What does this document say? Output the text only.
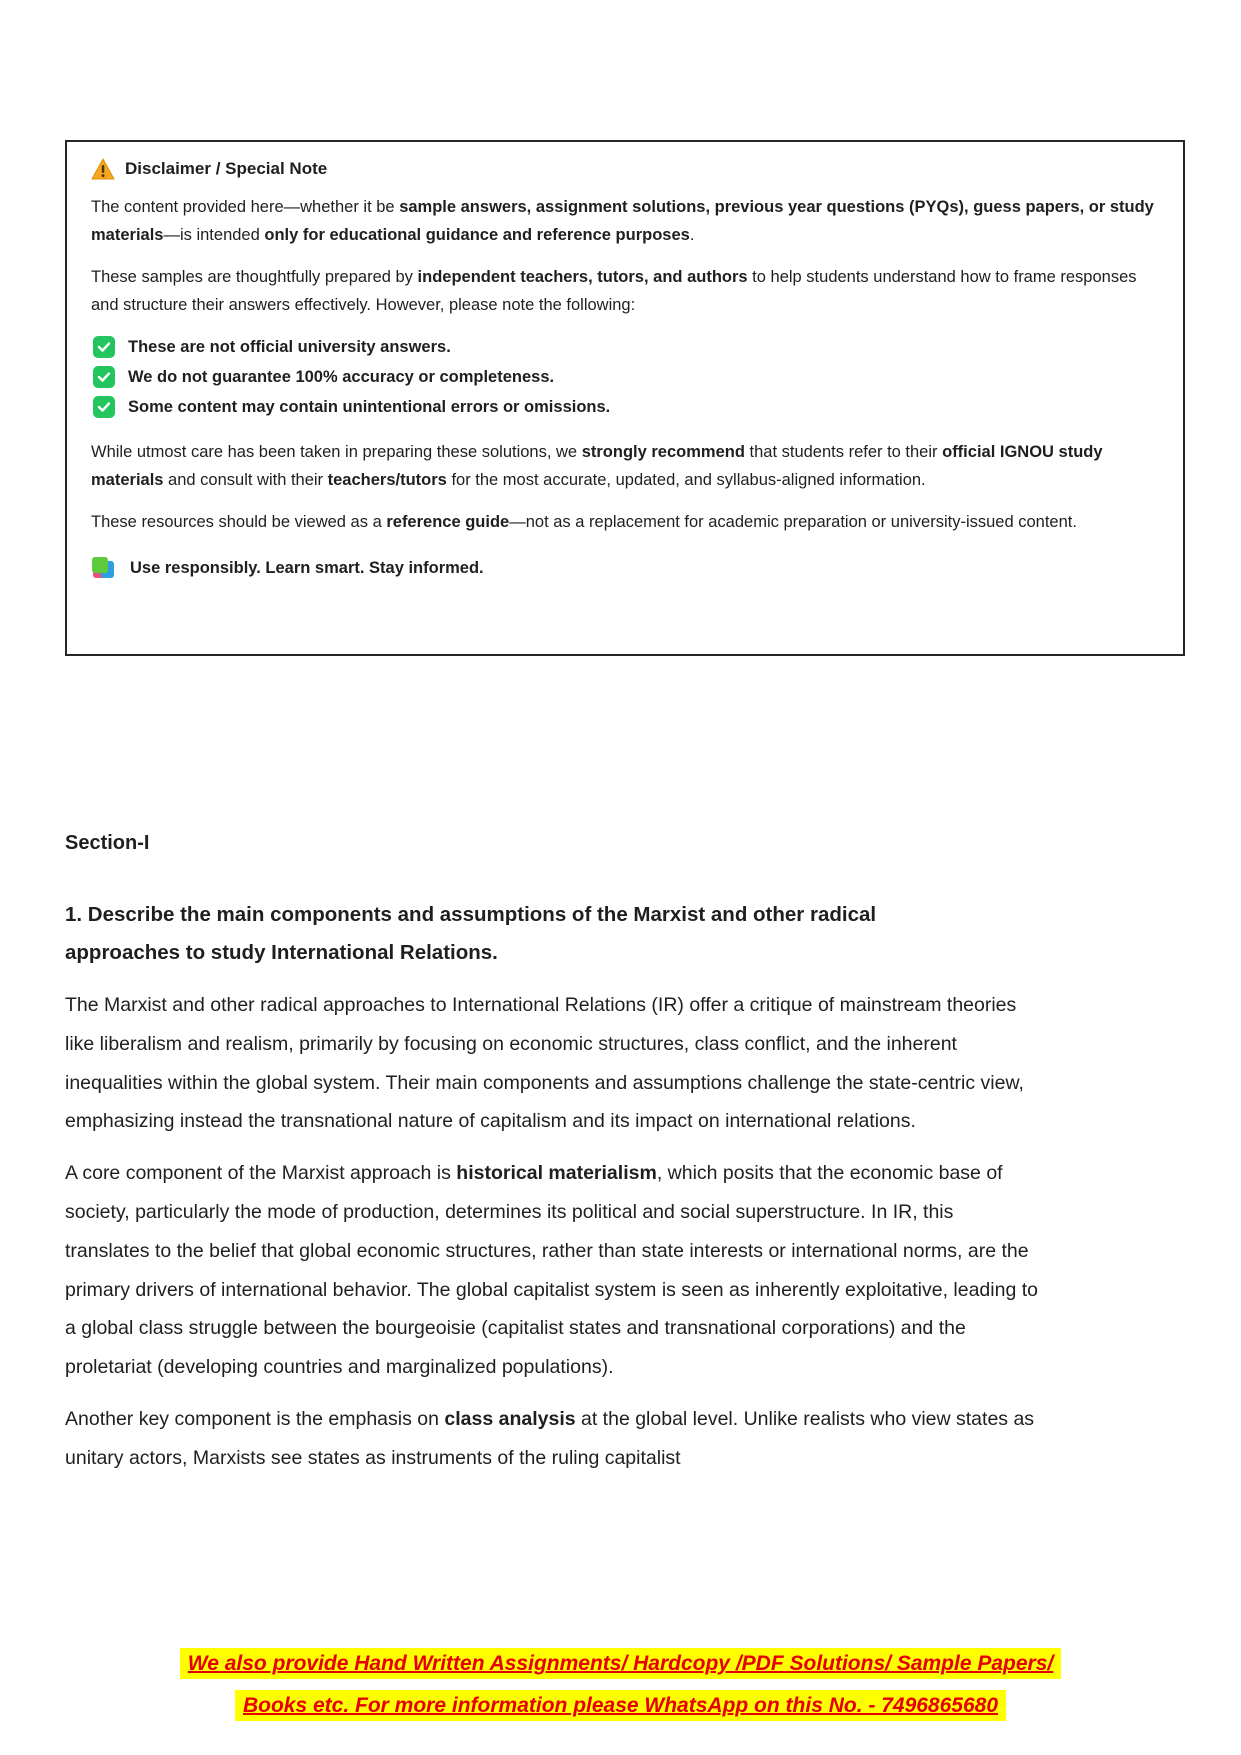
Disclaimer / Special Note

The content provided here—whether it be sample answers, assignment solutions, previous year questions (PYQs), guess papers, or study materials—is intended only for educational guidance and reference purposes.

These samples are thoughtfully prepared by independent teachers, tutors, and authors to help students understand how to frame responses and structure their answers effectively. However, please note the following:

These are not official university answers.
We do not guarantee 100% accuracy or completeness.
Some content may contain unintentional errors or omissions.

While utmost care has been taken in preparing these solutions, we strongly recommend that students refer to their official IGNOU study materials and consult with their teachers/tutors for the most accurate, updated, and syllabus-aligned information.

These resources should be viewed as a reference guide—not as a replacement for academic preparation or university-issued content.

Use responsibly. Learn smart. Stay informed.
Section-I
1. Describe the main components and assumptions of the Marxist and other radical approaches to study International Relations.

The Marxist and other radical approaches to International Relations (IR) offer a critique of mainstream theories like liberalism and realism, primarily by focusing on economic structures, class conflict, and the inherent inequalities within the global system. Their main components and assumptions challenge the state-centric view, emphasizing instead the transnational nature of capitalism and its impact on international relations.

A core component of the Marxist approach is historical materialism, which posits that the economic base of society, particularly the mode of production, determines its political and social superstructure. In IR, this translates to the belief that global economic structures, rather than state interests or international norms, are the primary drivers of international behavior. The global capitalist system is seen as inherently exploitative, leading to a global class struggle between the bourgeoisie (capitalist states and transnational corporations) and the proletariat (developing countries and marginalized populations).

Another key component is the emphasis on class analysis at the global level. Unlike realists who view states as unitary actors, Marxists see states as instruments of the ruling capitalist

We also provide Hand Written Assignments/ Hardcopy /PDF Solutions/ Sample Papers/
Books etc. For more information please WhatsApp on this No. - 7496865680
